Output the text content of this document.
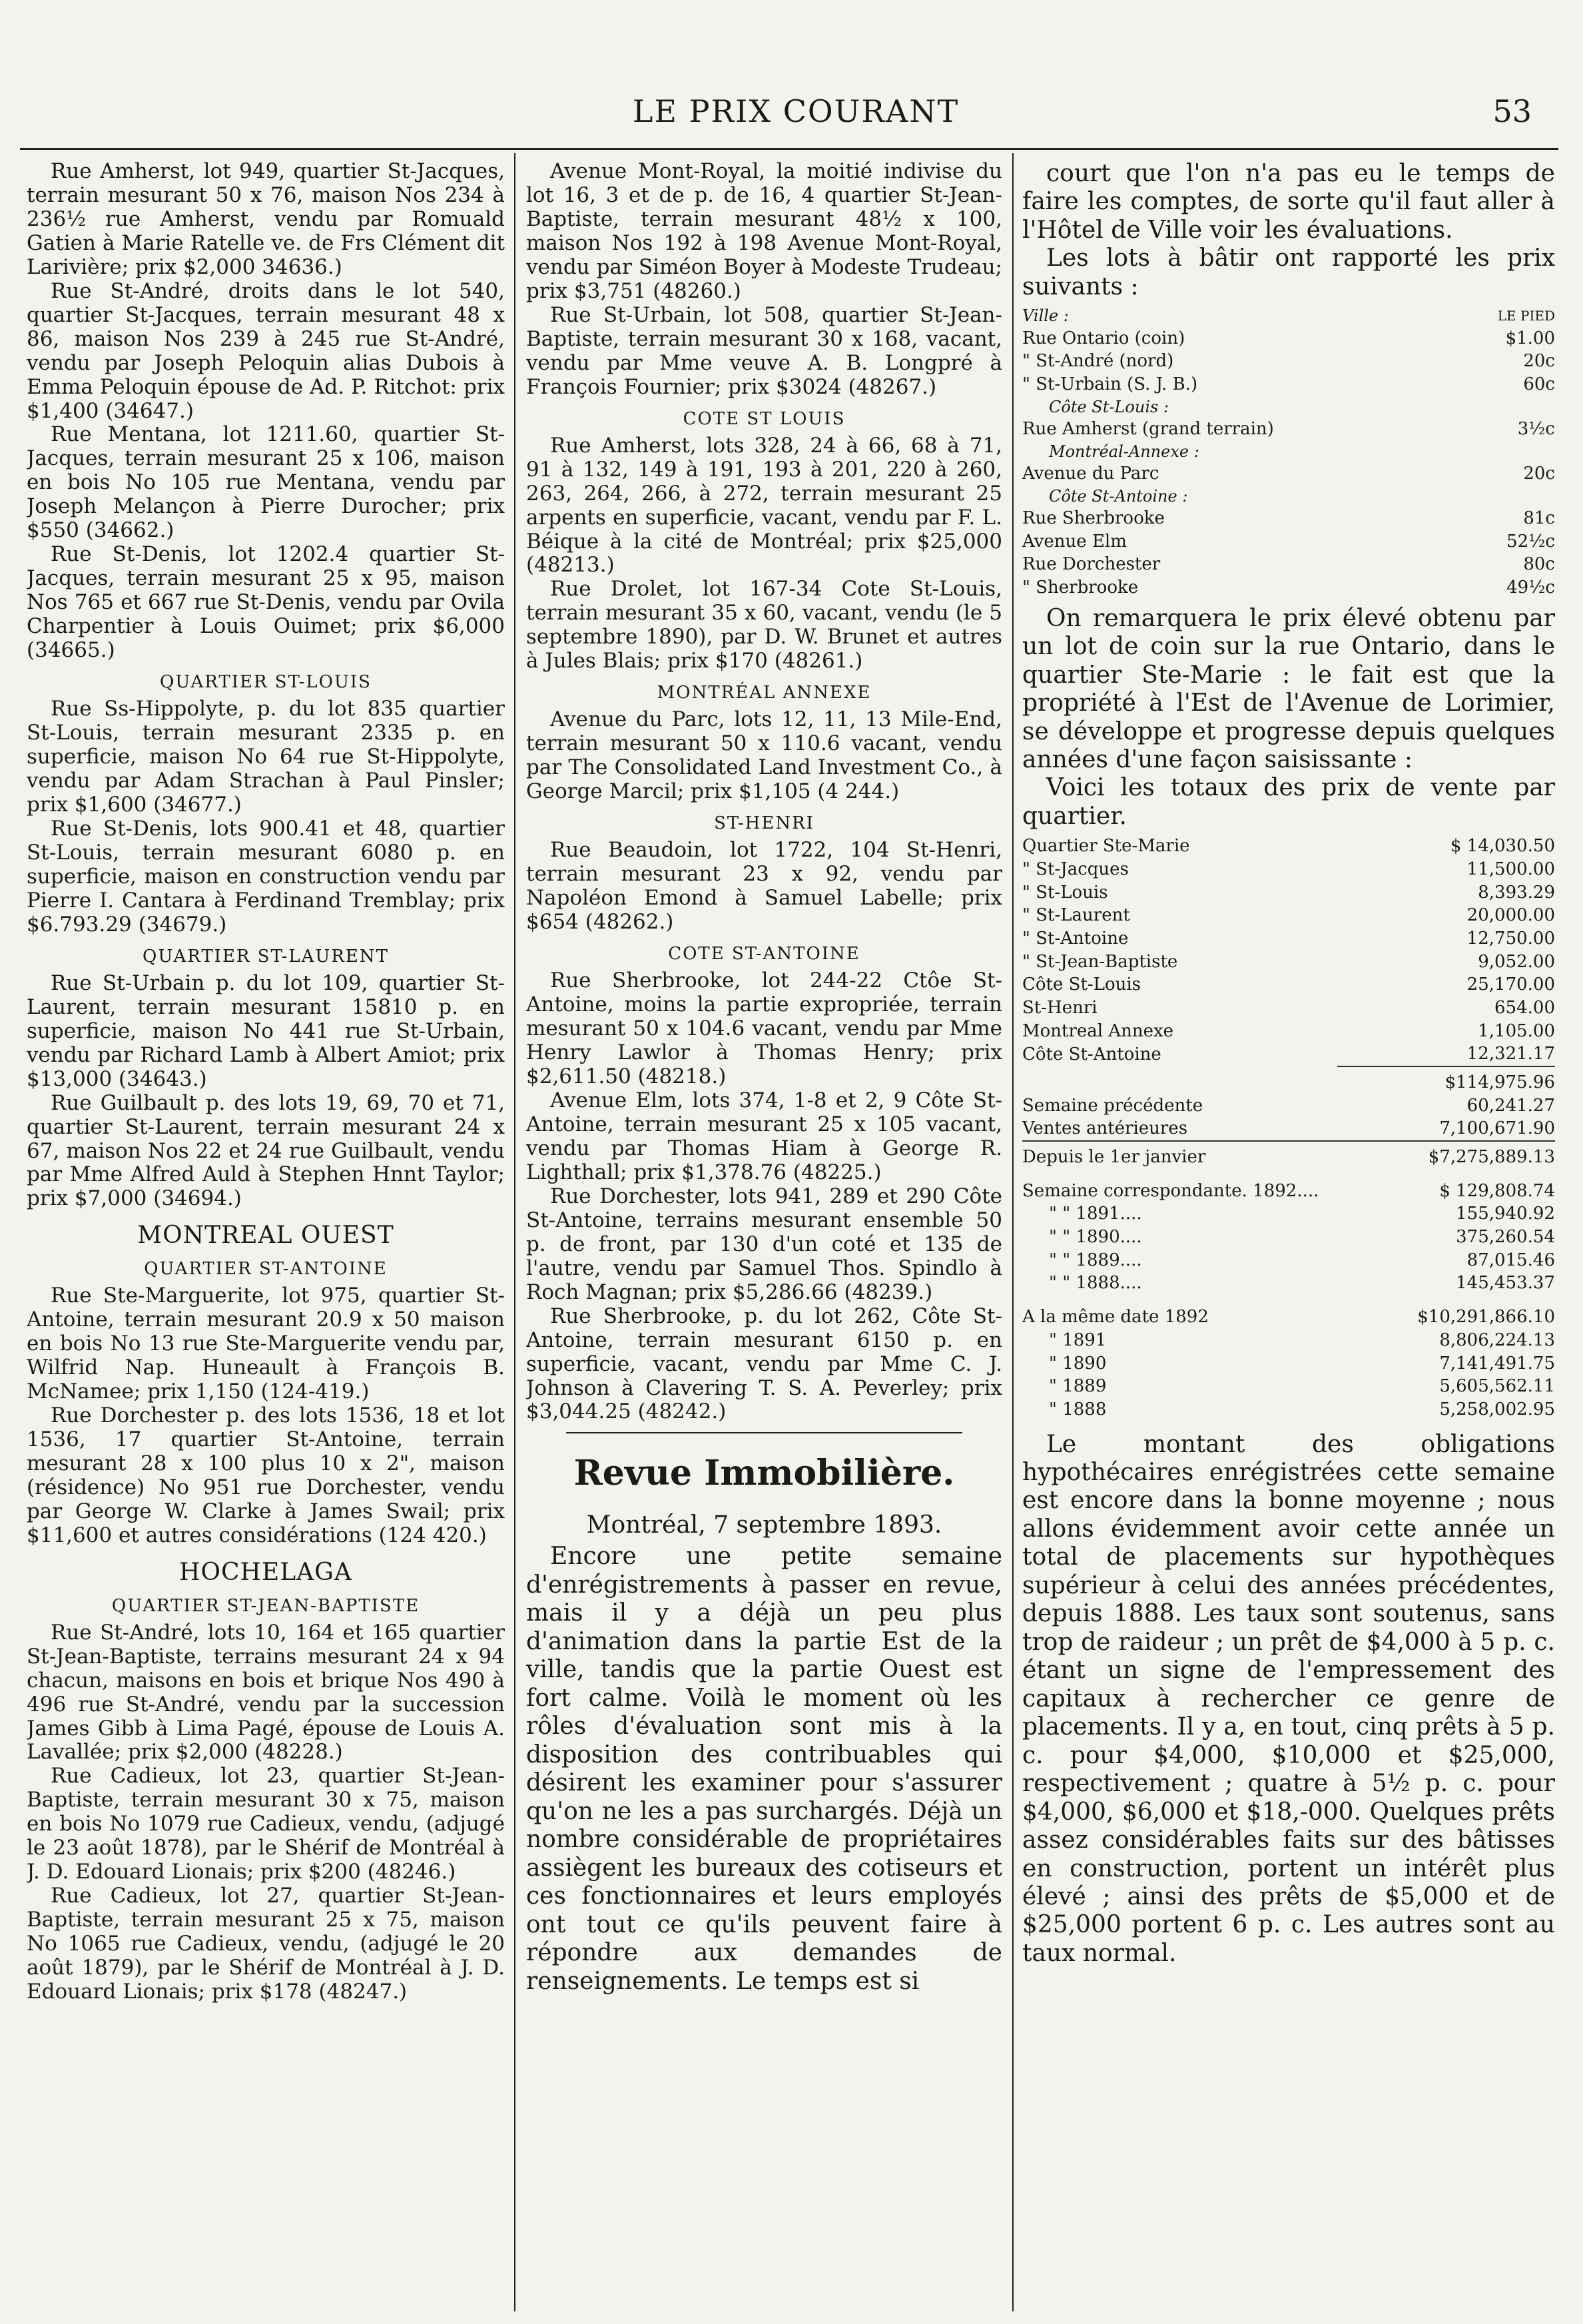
LE PRIX COURANT	53

Rue Amherst, lot 949, quartier St-Jacques, terrain mesurant 50 x 76, maison Nos 234 à 236½ rue Amherst, vendu par Romuald Gatien à Marie Ratelle ve. de Frs Clément dit Larivière; prix $2,000 34636.)

Rue St-André, droits dans le lot 540, quartier St-Jacques, terrain mesurant 48 x 86, maison Nos 239 à 245 rue St-André, vendu par Joseph Peloquin alias Dubois à Emma Peloquin épouse de Ad. P. Ritchot: prix $1,400 (34647.)

Rue Mentana, lot 1211.60, quartier St-Jacques, terrain mesurant 25 x 106, maison en bois No 105 rue Mentana, vendu par Joseph Melançon à Pierre Durocher; prix $550 (34662.)

Rue St-Denis, lot 1202.4 quartier St-Jacques, terrain mesurant 25 x 95, maison Nos 765 et 667 rue St-Denis, vendu par Ovila Charpentier à Louis Ouimet; prix $6,000 (34665.)

QUARTIER ST-LOUIS

Rue Ss-Hippolyte, p. du lot 835 quartier St-Louis, terrain mesurant 2335 p. en superficie, maison No 64 rue St-Hippolyte, vendu par Adam Strachan à Paul Pinsler; prix $1,600 (34677.)

Rue St-Denis, lots 900.41 et 48, quartier St-Louis, terrain mesurant 6080 p. en superficie, maison en construction vendu par Pierre I. Cantara à Ferdinand Tremblay; prix $6.793.29 (34679.)

QUARTIER ST-LAURENT

Rue St-Urbain p. du lot 109, quartier St-Laurent, terrain mesurant 15810 p. en superficie, maison No 441 rue St-Urbain, vendu par Richard Lamb à Albert Amiot; prix $13,000 (34643.)

Rue Guilbault p. des lots 19, 69, 70 et 71, quartier St-Laurent, terrain mesurant 24 x 67, maison Nos 22 et 24 rue Guilbault, vendu par Mme Alfred Auld à Stephen Hnnt Taylor; prix $7,000 (34694.)

MONTREAL OUEST
QUARTIER ST-ANTOINE

Rue Ste-Marguerite, lot 975, quartier St-Antoine, terrain mesurant 20.9 x 50 maison en bois No 13 rue Ste-Marguerite vendu par, Wilfrid Nap. Huneault à François B. McNamee; prix 1,150 (124-419.)

Rue Dorchester p. des lots 1536, 18 et lot 1536, 17 quartier St-Antoine, terrain mesurant 28 x 100 plus 10 x 2", maison (résidence) No 951 rue Dorchester, vendu par George W. Clarke à James Swail; prix $11,600 et autres considérations (124 420.)

HOCHELAGA
QUARTIER ST-JEAN-BAPTISTE

Rue St-André, lots 10, 164 et 165 quartier St-Jean-Baptiste, terrains mesurant 24 x 94 chacun, maisons en bois et brique Nos 490 à 496 rue St-André, vendu par la succession James Gibb à Lima Pagé, épouse de Louis A. Lavallée; prix $2,000 (48228.)

Rue Cadieux, lot 23, quartier St-Jean-Baptiste, terrain mesurant 30 x 75, maison en bois No 1079 rue Cadieux, vendu, (adjugé le 23 août 1878), par le Shérif de Montréal à J. D. Edouard Lionais; prix $200 (48246.)

Rue Cadieux, lot 27, quartier St-Jean-Baptiste, terrain mesurant 25 x 75, maison No 1065 rue Cadieux, vendu, (adjugé le 20 août 1879), par le Shérif de Montréal à J. D. Edouard Lionais; prix $178 (48247.)

Avenue Mont-Royal, la moitié indivise du lot 16, 3 et de p. de 16, 4 quartier St-Jean-Baptiste, terrain mesurant 48½ x 100, maison Nos 192 à 198 Avenue Mont-Royal, vendu par Siméon Boyer à Modeste Trudeau; prix $3,751 (48260.)

Rue St-Urbain, lot 508, quartier St-Jean-Baptiste, terrain mesurant 30 x 168, vacant, vendu par Mme veuve A. B. Longpré à François Fournier; prix $3024 (48267.)

COTE ST LOUIS

Rue Amherst, lots 328, 24 à 66, 68 à 71, 91 à 132, 149 à 191, 193 à 201, 220 à 260, 263, 264, 266, à 272, terrain mesurant 25 arpents en superficie, vacant, vendu par F. L. Béique à la cité de Montréal; prix $25,000 (48213.)

Rue Drolet, lot 167-34 Cote St-Louis, terrain mesurant 35 x 60, vacant, vendu (le 5 septembre 1890), par D. W. Brunet et autres à Jules Blais; prix $170 (48261.)

MONTRÉAL ANNEXE

Avenue du Parc, lots 12, 11, 13 Mile-End, terrain mesurant 50 x 110.6 vacant, vendu par The Consolidated Land Investment Co., à George Marcil; prix $1,105 (4 244.)

ST-HENRI

Rue Beaudoin, lot 1722, 104 St-Henri, terrain mesurant 23 x 92, vendu par Napoléon Emond à Samuel Labelle; prix $654 (48262.)

COTE ST-ANTOINE

Rue Sherbrooke, lot 244-22 Ctôe St-Antoine, moins la partie expropriée, terrain mesurant 50 x 104.6 vacant, vendu par Mme Henry Lawlor à Thomas Henry; prix $2,611.50 (48218.)

Avenue Elm, lots 374, 1-8 et 2, 9 Côte St-Antoine, terrain mesurant 25 x 105 vacant, vendu par Thomas Hiam à George R. Lighthall; prix $1,378.76 (48225.)

Rue Dorchester, lots 941, 289 et 290 Côte St-Antoine, terrains mesurant ensemble 50 p. de front, par 130 d'un coté et 135 de l'autre, vendu par Samuel Thos. Spindlo à Roch Magnan; prix $5,286.66 (48239.)

Rue Sherbrooke, p. du lot 262, Côte St-Antoine, terrain mesurant 6150 p. en superficie, vacant, vendu par Mme C. J. Johnson à Clavering T. S. A. Peverley; prix $3,044.25 (48242.)

Revue Immobilière.
Montréal, 7 septembre 1893.

Encore une petite semaine d'enrégistrements à passer en revue, mais il y a déjà un peu plus d'animation dans la partie Est de la ville, tandis que la partie Ouest est fort calme. Voilà le moment où les rôles d'évaluation sont mis à la disposition des contribuables qui désirent les examiner pour s'assurer qu'on ne les a pas surchargés. Déjà un nombre considérable de propriétaires assiègent les bureaux des cotiseurs et ces fonctionnaires et leurs employés ont tout ce qu'ils peuvent faire à répondre aux demandes de renseignements. Le temps est si

court que l'on n'a pas eu le temps de faire les comptes, de sorte qu'il faut aller à l'Hôtel de Ville voir les évaluations.

Les lots à bâtir ont rapporté les prix suivants :

Ville :	LE PIED
Rue Ontario (coin)	$1.00
" St-André (nord)	20c
" St-Urbain (S. J. B.)	60c
Côte St-Louis :	
Rue Amherst (grand terrain)	3½c
Montréal-Annexe :	
Avenue du Parc	20c
Côte St-Antoine :	
Rue Sherbrooke	81c
Avenue Elm	52½c
Rue Dorchester	80c
" Sherbrooke	49½c

On remarquera le prix élevé obtenu par un lot de coin sur la rue Ontario, dans le quartier Ste-Marie : le fait est que la propriété à l'Est de l'Avenue de Lorimier, se développe et progresse depuis quelques années d'une façon saisissante :

Voici les totaux des prix de vente par quartier.

Quartier Ste-Marie	$ 14,030.50
" St-Jacques	11,500.00
" St-Louis	8,393.29
" St-Laurent	20,000.00
" St-Antoine	12,750.00
" St-Jean-Baptiste	9,052.00
Côte St-Louis	25,170.00
St-Henri	654.00
Montreal Annexe	1,105.00
Côte St-Antoine	12,321.17
	$114,975.96
Semaine précédente	60,241.27
Ventes antérieures	7,100,671.90
Depuis le 1er janvier	$7,275,889.13
Semaine correspondante. 1892....	$ 129,808.74
" " 1891....	155,940.92
" " 1890....	375,260.54
" " 1889....	87,015.46
" " 1888....	145,453.37
A la même date 1892	$10,291,866.10
" 1891	8,806,224.13
" 1890	7,141,491.75
" 1889	5,605,562.11
" 1888	5,258,002.95

Le montant des obligations hypothécaires enrégistrées cette semaine est encore dans la bonne moyenne ; nous allons évidemment avoir cette année un total de placements sur hypothèques supérieur à celui des années précédentes, depuis 1888. Les taux sont soutenus, sans trop de raideur ; un prêt de $4,000 à 5 p. c. étant un signe de l'empressement des capitaux à rechercher ce genre de placements. Il y a, en tout, cinq prêts à 5 p. c. pour $4,000, $10,000 et $25,000, respectivement ; quatre à 5½ p. c. pour $4,000, $6,000 et $18,-000. Quelques prêts assez considérables faits sur des bâtisses en construction, portent un intérêt plus élevé ; ainsi des prêts de $5,000 et de $25,000 portent 6 p. c. Les autres sont au taux normal.
